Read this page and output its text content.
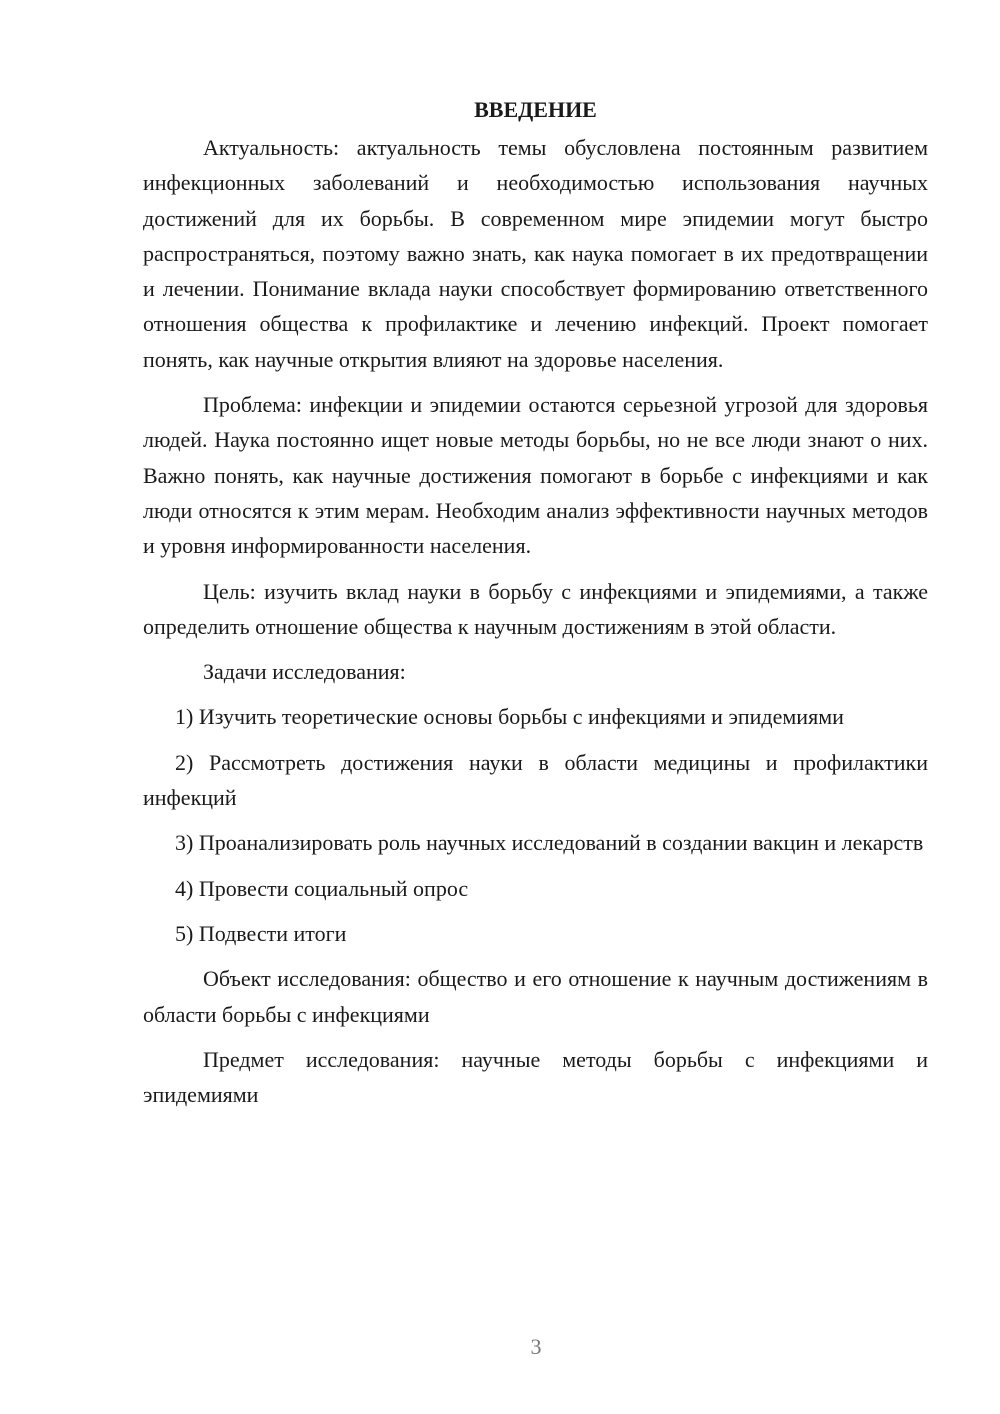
ВВЕДЕНИЕ

Актуальность: актуальность темы обусловлена постоянным развитием инфекционных заболеваний и необходимостью использования научных достижений для их борьбы. В современном мире эпидемии могут быстро распространяться, поэтому важно знать, как наука помогает в их предотвращении и лечении. Понимание вклада науки способствует формированию ответственного отношения общества к профилактике и лечению инфекций. Проект помогает понять, как научные открытия влияют на здоровье населения.

Проблема: инфекции и эпидемии остаются серьезной угрозой для здоровья людей. Наука постоянно ищет новые методы борьбы, но не все люди знают о них. Важно понять, как научные достижения помогают в борьбе с инфекциями и как люди относятся к этим мерам. Необходим анализ эффективности научных методов и уровня информированности населения.

Цель: изучить вклад науки в борьбу с инфекциями и эпидемиями, а также определить отношение общества к научным достижениям в этой области.

Задачи исследования:

1) Изучить теоретические основы борьбы с инфекциями и эпидемиями

2) Рассмотреть достижения науки в области медицины и профилактики инфекций

3) Проанализировать роль научных исследований в создании вакцин и лекарств

4) Провести социальный опрос

5) Подвести итоги

Объект исследования: общество и его отношение к научным достижениям в области борьбы с инфекциями

Предмет исследования: научные методы борьбы с инфекциями и эпидемиями

3
